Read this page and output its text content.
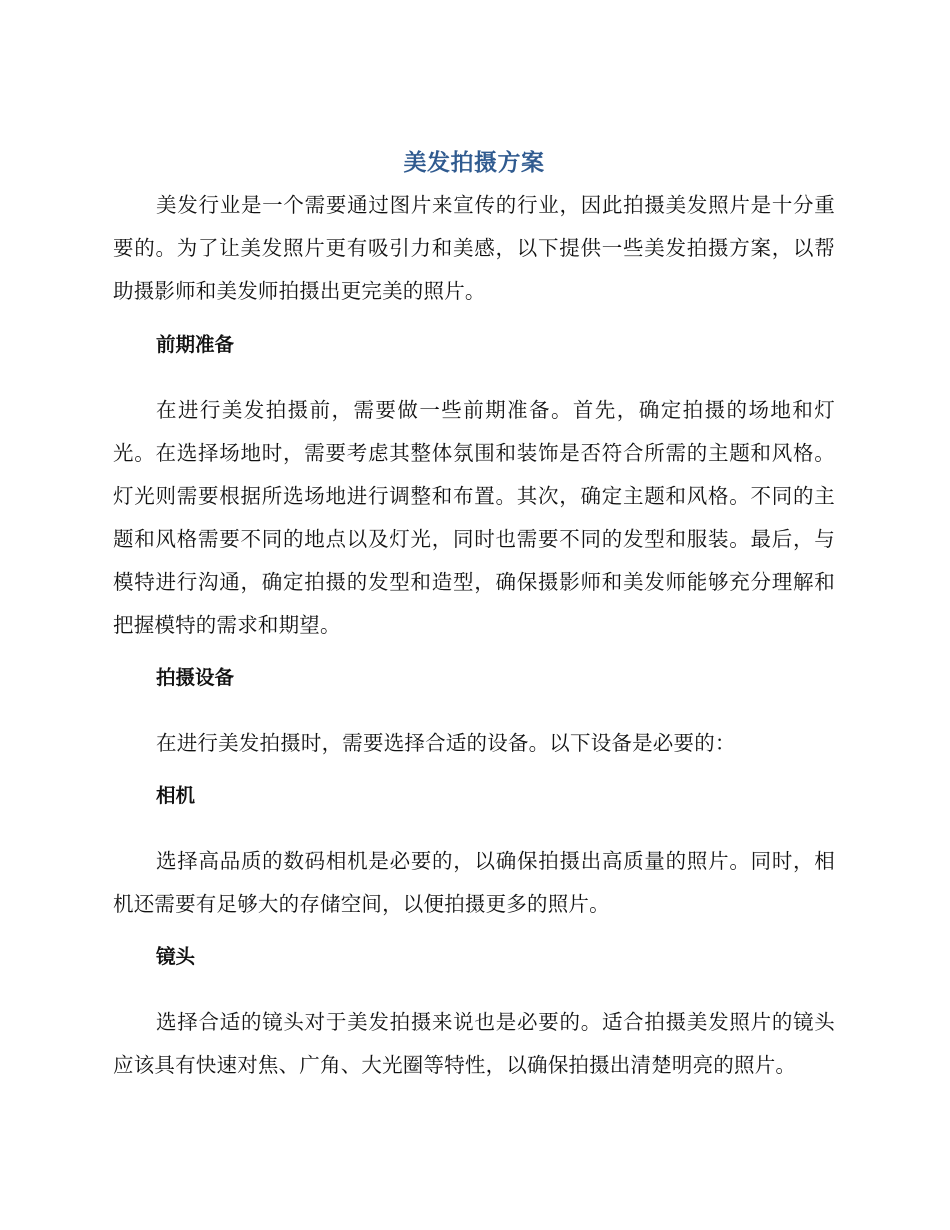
美发拍摄方案

美发行业是一个需要通过图片来宣传的行业，因此拍摄美发照片是十分重要的。为了让美发照片更有吸引力和美感，以下提供一些美发拍摄方案，以帮助摄影师和美发师拍摄出更完美的照片。

前期准备

在进行美发拍摄前，需要做一些前期准备。首先，确定拍摄的场地和灯光。在选择场地时，需要考虑其整体氛围和装饰是否符合所需的主题和风格。灯光则需要根据所选场地进行调整和布置。其次，确定主题和风格。不同的主题和风格需要不同的地点以及灯光，同时也需要不同的发型和服装。最后，与模特进行沟通，确定拍摄的发型和造型，确保摄影师和美发师能够充分理解和把握模特的需求和期望。

拍摄设备

在进行美发拍摄时，需要选择合适的设备。以下设备是必要的：

相机

选择高品质的数码相机是必要的，以确保拍摄出高质量的照片。同时，相机还需要有足够大的存储空间，以便拍摄更多的照片。

镜头

选择合适的镜头对于美发拍摄来说也是必要的。适合拍摄美发照片的镜头应该具有快速对焦、广角、大光圈等特性，以确保拍摄出清楚明亮的照片。
